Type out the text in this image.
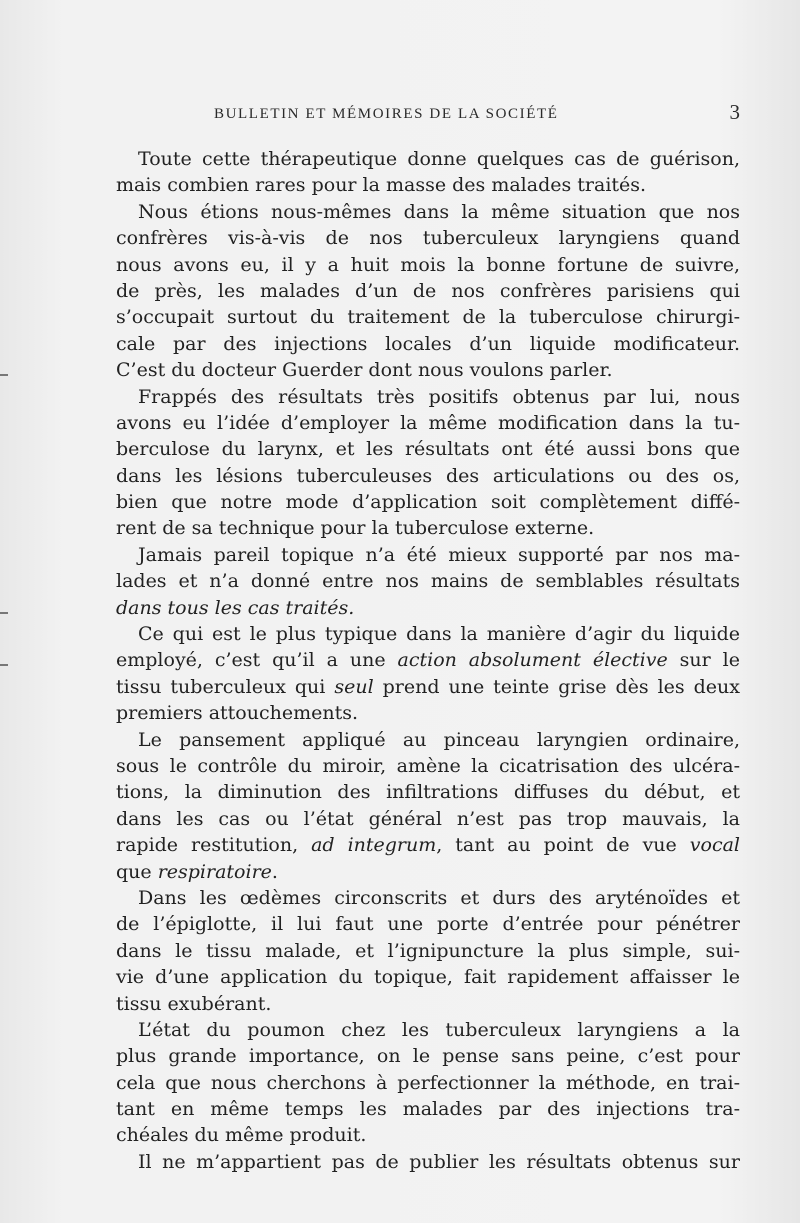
BULLETIN ET MÉMOIRES DE LA SOCIÉTÉ	3
Toute cette thérapeutique donne quelques cas de guérison,
mais combien rares pour la masse des malades traités.
Nous étions nous-mêmes dans la même situation que nos
confrères vis-à-vis de nos tuberculeux laryngiens quand
nous avons eu, il y a huit mois la bonne fortune de suivre,
de près, les malades d’un de nos confrères parisiens qui
s’occupait surtout du traitement de la tuberculose chirurgi-
cale par des injections locales d’un liquide modificateur.
C’est du docteur Guerder dont nous voulons parler.
Frappés des résultats très positifs obtenus par lui, nous
avons eu l’idée d’employer la même modification dans la tu-
berculose du larynx, et les résultats ont été aussi bons que
dans les lésions tuberculeuses des articulations ou des os,
bien que notre mode d’application soit complètement diffé-
rent de sa technique pour la tuberculose externe.
Jamais pareil topique n’a été mieux supporté par nos ma-
lades et n’a donné entre nos mains de semblables résultats
dans tous les cas traités.
Ce qui est le plus typique dans la manière d’agir du liquide
employé, c’est qu’il a une action absolument élective sur le
tissu tuberculeux qui seul prend une teinte grise dès les deux
premiers attouchements.
Le pansement appliqué au pinceau laryngien ordinaire,
sous le contrôle du miroir, amène la cicatrisation des ulcéra-
tions, la diminution des infiltrations diffuses du début, et
dans les cas ou l’état général n’est pas trop mauvais, la
rapide restitution, ad integrum, tant au point de vue vocal
que respiratoire.
Dans les œdèmes circonscrits et durs des aryténoïdes et
de l’épiglotte, il lui faut une porte d’entrée pour pénétrer
dans le tissu malade, et l’ignipuncture la plus simple, sui-
vie d’une application du topique, fait rapidement affaisser le
tissu exubérant.
L’état du poumon chez les tuberculeux laryngiens a la
plus grande importance, on le pense sans peine, c’est pour
cela que nous cherchons à perfectionner la méthode, en trai-
tant en même temps les malades par des injections tra-
chéales du même produit.
Il ne m’appartient pas de publier les résultats obtenus sur
